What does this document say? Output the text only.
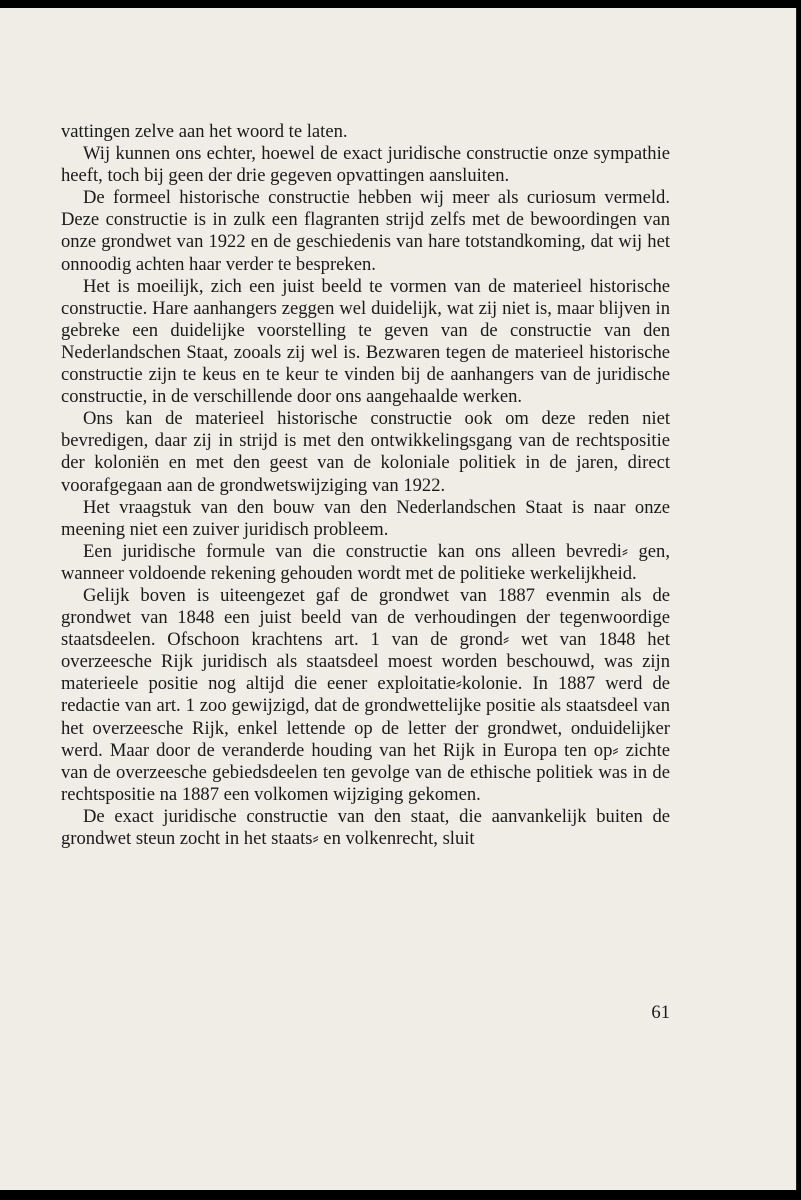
vattingen zelve aan het woord te laten.

Wij kunnen ons echter, hoewel de exact juridische constructie onze sympathie heeft, toch bij geen der drie gegeven opvattingen aansluiten.

De formeel historische constructie hebben wij meer als curiosum vermeld. Deze constructie is in zulk een flagranten strijd zelfs met de bewoordingen van onze grondwet van 1922 en de geschiedenis van hare totstandkoming, dat wij het onnoodig achten haar verder te bespreken.

Het is moeilijk, zich een juist beeld te vormen van de materieel historische constructie. Hare aanhangers zeggen wel duidelijk, wat zij niet is, maar blijven in gebreke een duidelijke voorstelling te geven van de constructie van den Nederlandschen Staat, zooals zij wel is. Bezwaren tegen de materieel historische constructie zijn te keus en te keur te vinden bij de aanhangers van de juridische constructie, in de verschillende door ons aangehaalde werken.

Ons kan de materieel historische constructie ook om deze reden niet bevredigen, daar zij in strijd is met den ontwikkelingsgang van de rechtspositie der koloniën en met den geest van de koloniale politiek in de jaren, direct voorafgegaan aan de grondwetswijziging van 1922.

Het vraagstuk van den bouw van den Nederlandschen Staat is naar onze meening niet een zuiver juridisch probleem.

Een juridische formule van die constructie kan ons alleen bevredi⸗ gen, wanneer voldoende rekening gehouden wordt met de politieke werkelijkheid.

Gelijk boven is uiteengezet gaf de grondwet van 1887 evenmin als de grondwet van 1848 een juist beeld van de verhoudingen der tegenwoordige staatsdeelen. Ofschoon krachtens art. 1 van de grond⸗ wet van 1848 het overzeesche Rijk juridisch als staatsdeel moest worden beschouwd, was zijn materieele positie nog altijd die eener exploitatie⸗kolonie. In 1887 werd de redactie van art. 1 zoo gewijzigd, dat de grondwettelijke positie als staatsdeel van het overzeesche Rijk, enkel lettende op de letter der grondwet, onduidelijker werd. Maar door de veranderde houding van het Rijk in Europa ten op⸗ zichte van de overzeesche gebiedsdeelen ten gevolge van de ethische politiek was in de rechtspositie na 1887 een volkomen wijziging gekomen.

De exact juridische constructie van den staat, die aanvankelijk buiten de grondwet steun zocht in het staats⸗ en volkenrecht, sluit

61
